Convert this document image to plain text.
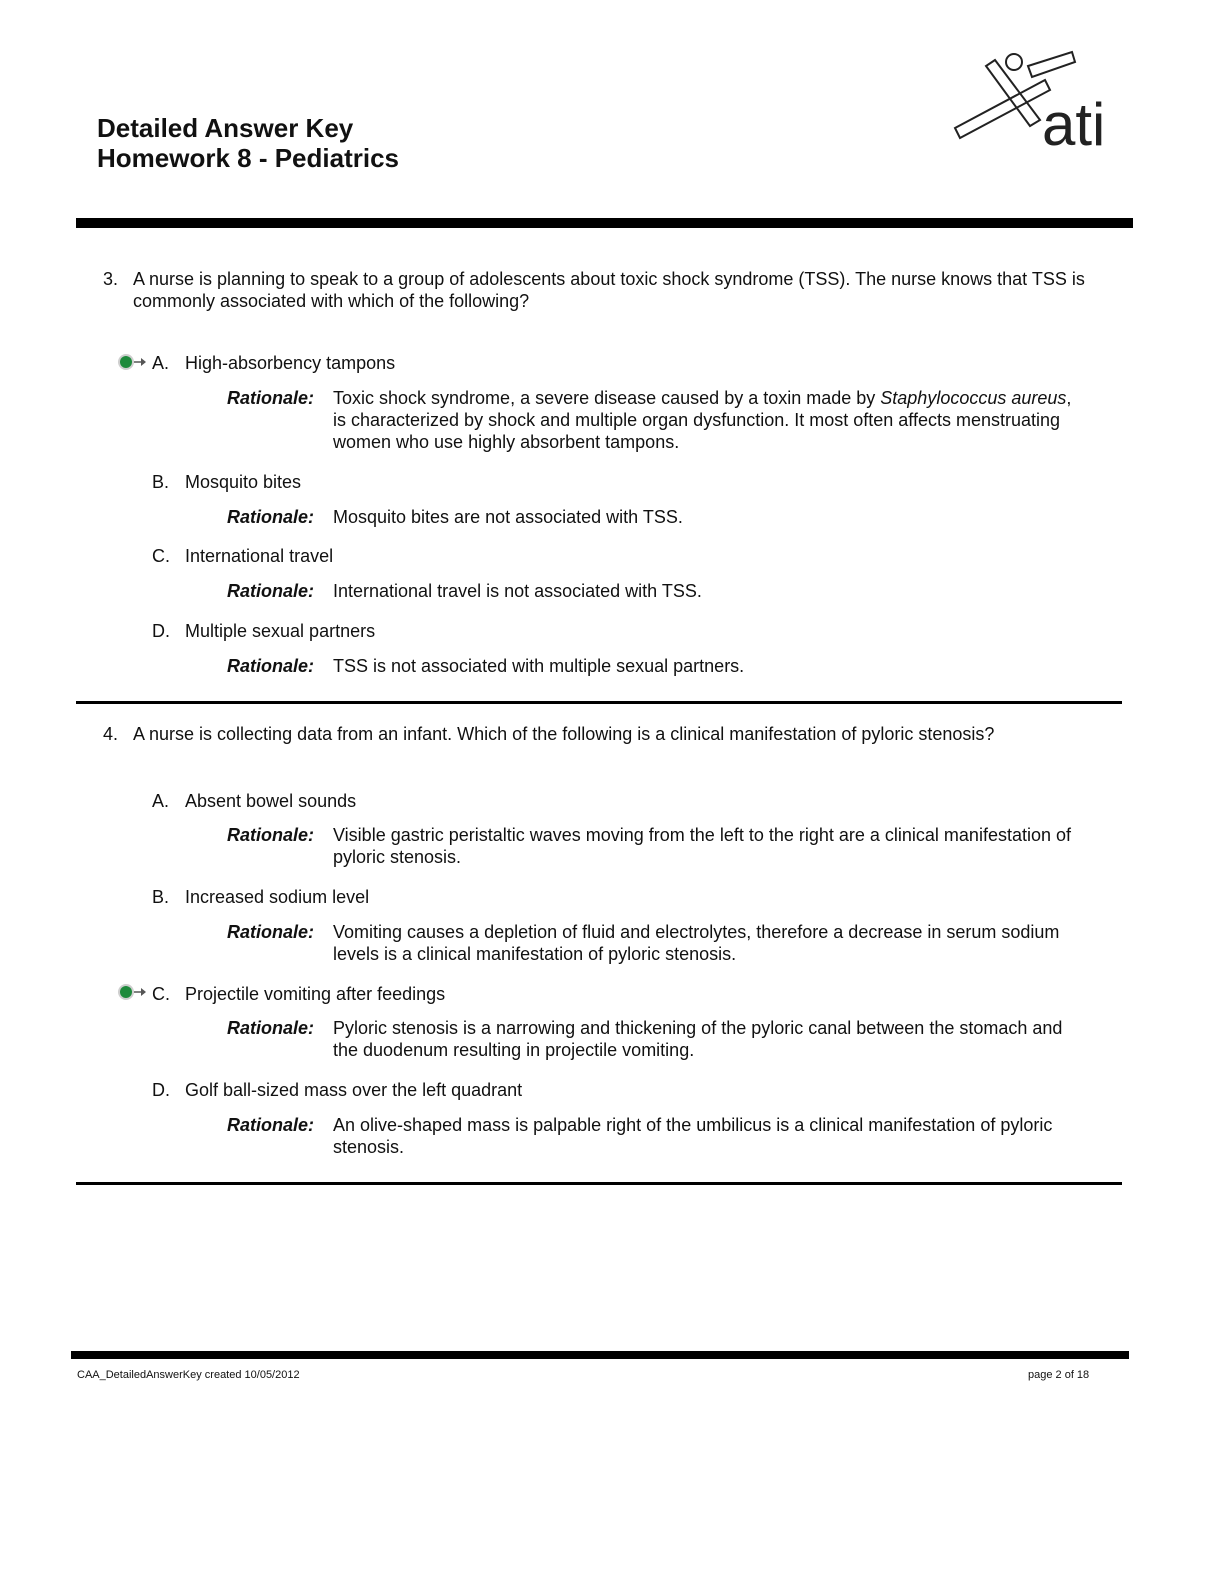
Detailed Answer Key
Homework 8 - Pediatrics	ati
3. A nurse is planning to speak to a group of adolescents about toxic shock syndrome (TSS). The nurse knows that TSS is commonly associated with which of the following?
A. High-absorbency tampons
Rationale: Toxic shock syndrome, a severe disease caused by a toxin made by Staphylococcus aureus, is characterized by shock and multiple organ dysfunction. It most often affects menstruating women who use highly absorbent tampons.
B. Mosquito bites
Rationale: Mosquito bites are not associated with TSS.
C. International travel
Rationale: International travel is not associated with TSS.
D. Multiple sexual partners
Rationale: TSS is not associated with multiple sexual partners.
4. A nurse is collecting data from an infant. Which of the following is a clinical manifestation of pyloric stenosis?
A. Absent bowel sounds
Rationale: Visible gastric peristaltic waves moving from the left to the right are a clinical manifestation of pyloric stenosis.
B. Increased sodium level
Rationale: Vomiting causes a depletion of fluid and electrolytes, therefore a decrease in serum sodium levels is a clinical manifestation of pyloric stenosis.
C. Projectile vomiting after feedings
Rationale: Pyloric stenosis is a narrowing and thickening of the pyloric canal between the stomach and the duodenum resulting in projectile vomiting.
D. Golf ball-sized mass over the left quadrant
Rationale: An olive-shaped mass is palpable right of the umbilicus is a clinical manifestation of pyloric stenosis.
CAA_DetailedAnswerKey created 10/05/2012	page 2 of 18
